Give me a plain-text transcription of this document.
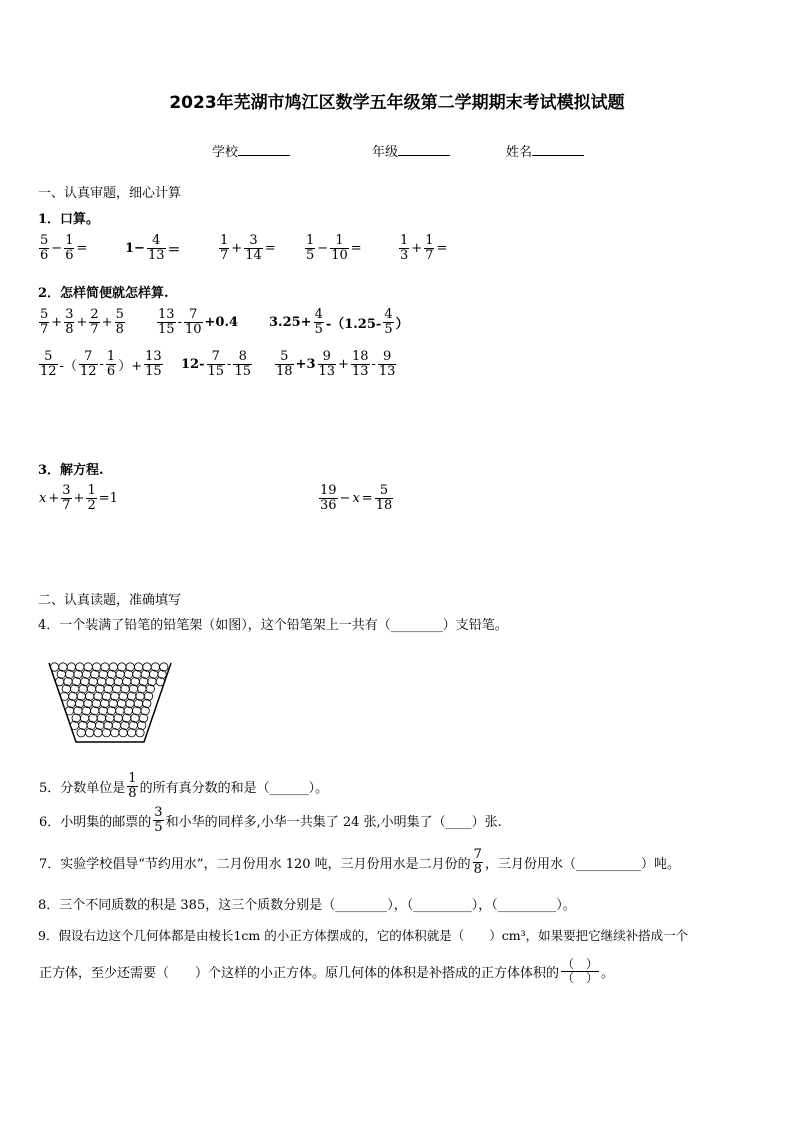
2023年芜湖市鸠江区数学五年级第二学期期末考试模拟试题
学校	年级	姓名
一、认真审题，细心计算
1．口算。
$\frac{5}{6} - \frac{1}{6}$ =	$1- \frac{4}{13}$ ＝	$\frac{1}{7} + \frac{3}{14} = \frac{1}{5} - \frac{1}{10}$ =	$\frac{1}{3} + \frac{1}{7}$ =
2．怎样简便就怎样算.
$\frac{5}{7} + \frac{3}{8} + \frac{2}{7} + \frac{5}{8} \frac{13}{15} - \frac{7}{10} +0.4$ $3.25+ \frac{4}{5} -(1.25- \frac{4}{5}$ ）
$\frac{5}{12}$ -（ $\frac{7}{12} - \frac{1}{6}$ ）+ $\frac{13}{15} 12- \frac{7}{15} - \frac{8}{15} \frac{5}{18} +3 \frac{9}{13} + \frac{18}{13} - \frac{9}{13}$
3．解方程.
$x + \frac{3}{7} + \frac{1}{2} =1$	$\frac{19}{36} - x = \frac{5}{18}$
二、认真读题，准确填写
4．一个装满了铅笔的铅笔架（如图），这个铅笔架上一共有（________）支铅笔。
5．分数单位是 $\frac{1}{8}$ 的所有真分数的和是（______）。
6．小明集的邮票的 $\frac{3}{5}$ 和小华的同样多,小华一共集了 24 张,小明集了（____）张.
7．实验学校倡导“节约用水”，二月份用水 120 吨，三月份用水是二月份的 $\frac{7}{8}$ ，三月份用水（__________）吨。
8．三个不同质数的积是 385，这三个质数分别是（________），（_________），（_________）。
9．假设右边这个几何体都是由棱长1cm 的小正方体摆成的，它的体积就是（　　）cm³，如果要把它继续补搭成一个
正方体，至少还需要（　　）个这样的小正方体。原几何体的体积是补搭成的正方体体积的 $\frac{( )}{( )}$ 。
